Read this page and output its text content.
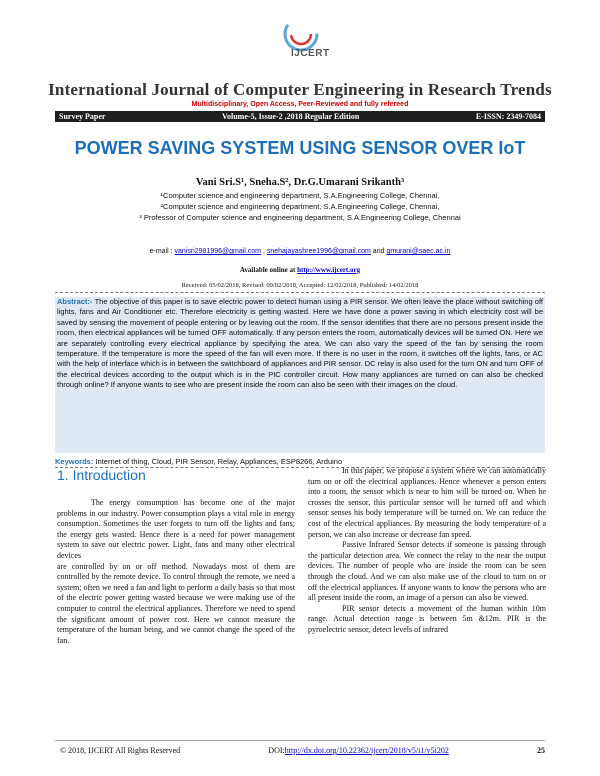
IJCERT
International Journal of Computer Engineering in Research Trends
Multidisciplinary, Open Access, Peer-Reviewed and fully refereed
Survey Paper	Volume-5, Issue-2 ,2018 Regular Edition	E-ISSN: 2349-7084
POWER SAVING SYSTEM USING SENSOR OVER IoT
Vani Sri.S¹, Sneha.S², Dr.G.Umarani Srikanth³
¹Computer science and engineering department, S.A.Engineering College, Chennai,
²Computer science and engineering department, S.A.Engineering College, Chennai,
³ Professor of Computer science and engineering department, S.A.Engineering College, Chennai
e-mail : vanisri2981996@gmail.com , snehajayashree1996@gmail.com and gmurani@saec.ac.in
Available online at http://www.ijcert.org
Received: 05/02/2018, Revised: 09/02/2018, Accepted: 12/02/2018, Published: 14/02/2018
Abstract:- The objective of this paper is to save electric power to detect human using a PIR sensor. We often leave the place without switching off lights, fans and Air Conditioner etc. Therefore electricity is getting wasted. Here we have done a power saving in which electricity cost will be saved by sensing the movement of people entering or by leaving out the room. If the sensor identifies that there are no persons present inside the room, then electrical appliances will be turned OFF automatically. If any person enters the room, automatically devices will be turned ON. Here we are separately controlling every electrical appliance by specifying the area. We can also vary the speed of the fan by sensing the room temperature. If the temperature is more the speed of the fan will even more. If there is no user in the room, it switches off the lights, fans, or AC with the help of interface which is in between the switchboard of appliances and PIR sensor. DC relay is also used for the turn ON and turn OFF of the electrical devices according to the output which is in the PIC controller circuit. How many appliances are turned on can also be checked through online? If anyone wants to see who are present inside the room can also be seen with their images on the cloud.
Keywords: Internet of thing, Cloud, PIR Sensor, Relay, Appliances, ESP8266, Arduino
1. Introduction

The energy consumption has become one of the major problems in our industry. Power consumption plays a vital role in energy consumption. Sometimes the user forgets to turn off the lights and fans; the energy gets wasted. Hence there is a need for power management system to save our electric power. Light, fans and many other electrical devices

are controlled by on or off method. Nowadays most of them are controlled by the remote device. To control through the remote, we need a system; often we need a fan and light to perform a daily basis so that most of the electric power getting wasted because we were making use of the computer to control the electrical appliances. Therefore we need to spend the significant amount of power cost. Here we cannot measure the temperature of the human being, and we cannot change the speed of the fan.

In this paper, we propose a system where we can automatically turn on or off the electrical appliances. Hence whenever a person enters into a room, the sensor which is near to him will be turned on. When he crosses the sensor, this particular sensor will be turned off and which sensor senses his body temperature will be turned on. We can reduce the cost of the electrical appliances. By measuring the body temperature of a person, we can also increase or decrease fan speed.

Passive Infrared Sensor detects if someone is passing through the particular detection area. We connect the relay to the near the output devices. The number of people who are inside the room can be seen through the cloud. And we can also make use of the cloud to turn on or off the electrical appliances. If anyone wants to know the persons who are all present inside the room, an image of a person can also be viewed.

PIR sensor detects a movement of the human within 10m range. Actual detection range is between 5m &12m. PIR is the pyroelectric sensor, detect levels of infrared

© 2018, IJCERT All Rights Reserved	DOI:http://dx.doi.org/10.22362/ijcert/2018/v5/i1/v5i202	25
